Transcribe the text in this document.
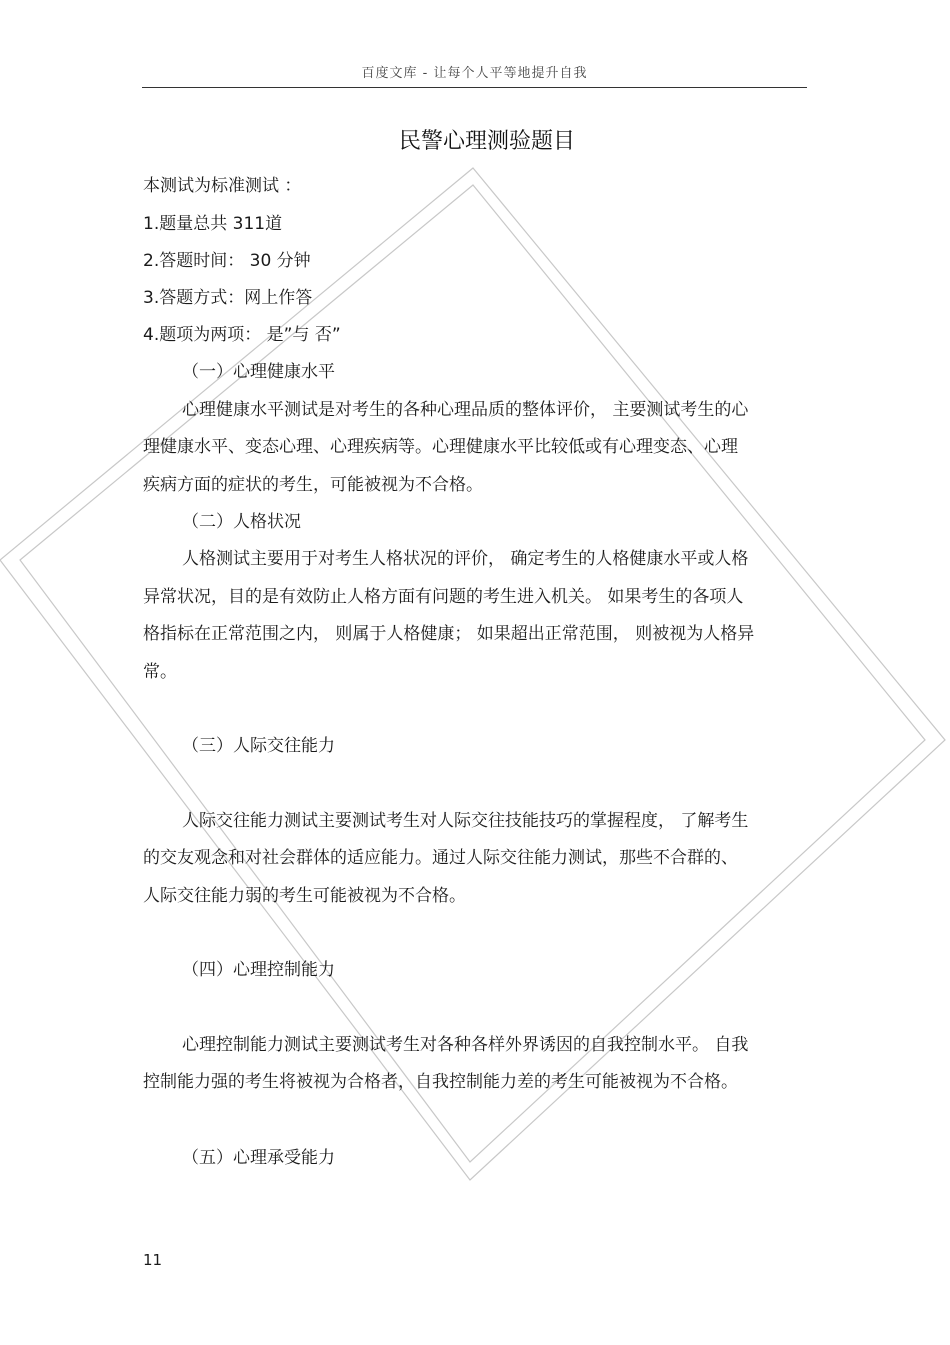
百度文库 - 让每个人平等地提升自我
民警心理测验题目
本测试为标准测试 ：
1.题量总共 311道
2.答题时间： 30 分钟
3.答题方式：网上作答
4.题项为两项： 是”与 否”
（一）心理健康水平
心理健康水平测试是对考生的各种心理品质的整体评价， 主要测试考生的心
理健康水平、变态心理、心理疾病等。心理健康水平比较低或有心理变态、心理
疾病方面的症状的考生，可能被视为不合格。
（二）人格状况
人格测试主要用于对考生人格状况的评价， 确定考生的人格健康水平或人格
异常状况，目的是有效防止人格方面有问题的考生进入机关。 如果考生的各项人
格指标在正常范围之内， 则属于人格健康； 如果超出正常范围， 则被视为人格异
常。
（三）人际交往能力
人际交往能力测试主要测试考生对人际交往技能技巧的掌握程度， 了解考生
的交友观念和对社会群体的适应能力。通过人际交往能力测试，那些不合群的、
人际交往能力弱的考生可能被视为不合格。
（四）心理控制能力
心理控制能力测试主要测试考生对各种各样外界诱因的自我控制水平。 自我
控制能力强的考生将被视为合格者，自我控制能力差的考生可能被视为不合格。
（五）心理承受能力
11
